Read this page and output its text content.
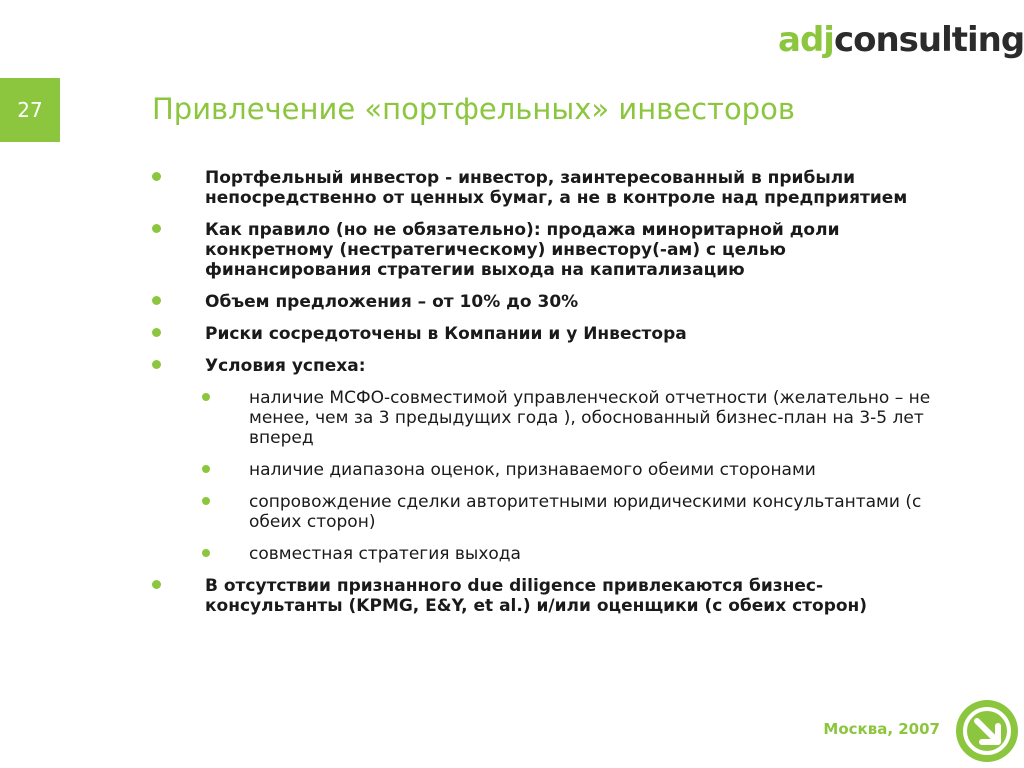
adj consulting
27	Привлечение «портфельных» инвесторов
Портфельный инвестор - инвестор, заинтересованный в прибыли непосредственно от ценных бумаг, а не в контроле над предприятием
Как правило (но не обязательно): продажа миноритарной доли конкретному (нестратегическому) инвестору(-ам) с целью финансирования стратегии выхода на капитализацию
Объем предложения – от 10% до 30%
Риски сосредоточены в Компании и у Инвестора
Условия успеха:
наличие МСФО-совместимой управленческой отчетности (желательно – не менее, чем за 3 предыдущих года ), обоснованный бизнес-план на 3-5 лет вперед
наличие диапазона оценок, признаваемого обеими сторонами
сопровождение сделки авторитетными юридическими консультантами (с обеих сторон)
совместная стратегия выхода
В отсутствии признанного due diligence привлекаются бизнес-консультанты (KPMG, E&Y, et al.) и/или оценщики (с обеих сторон)
Москва, 2007
